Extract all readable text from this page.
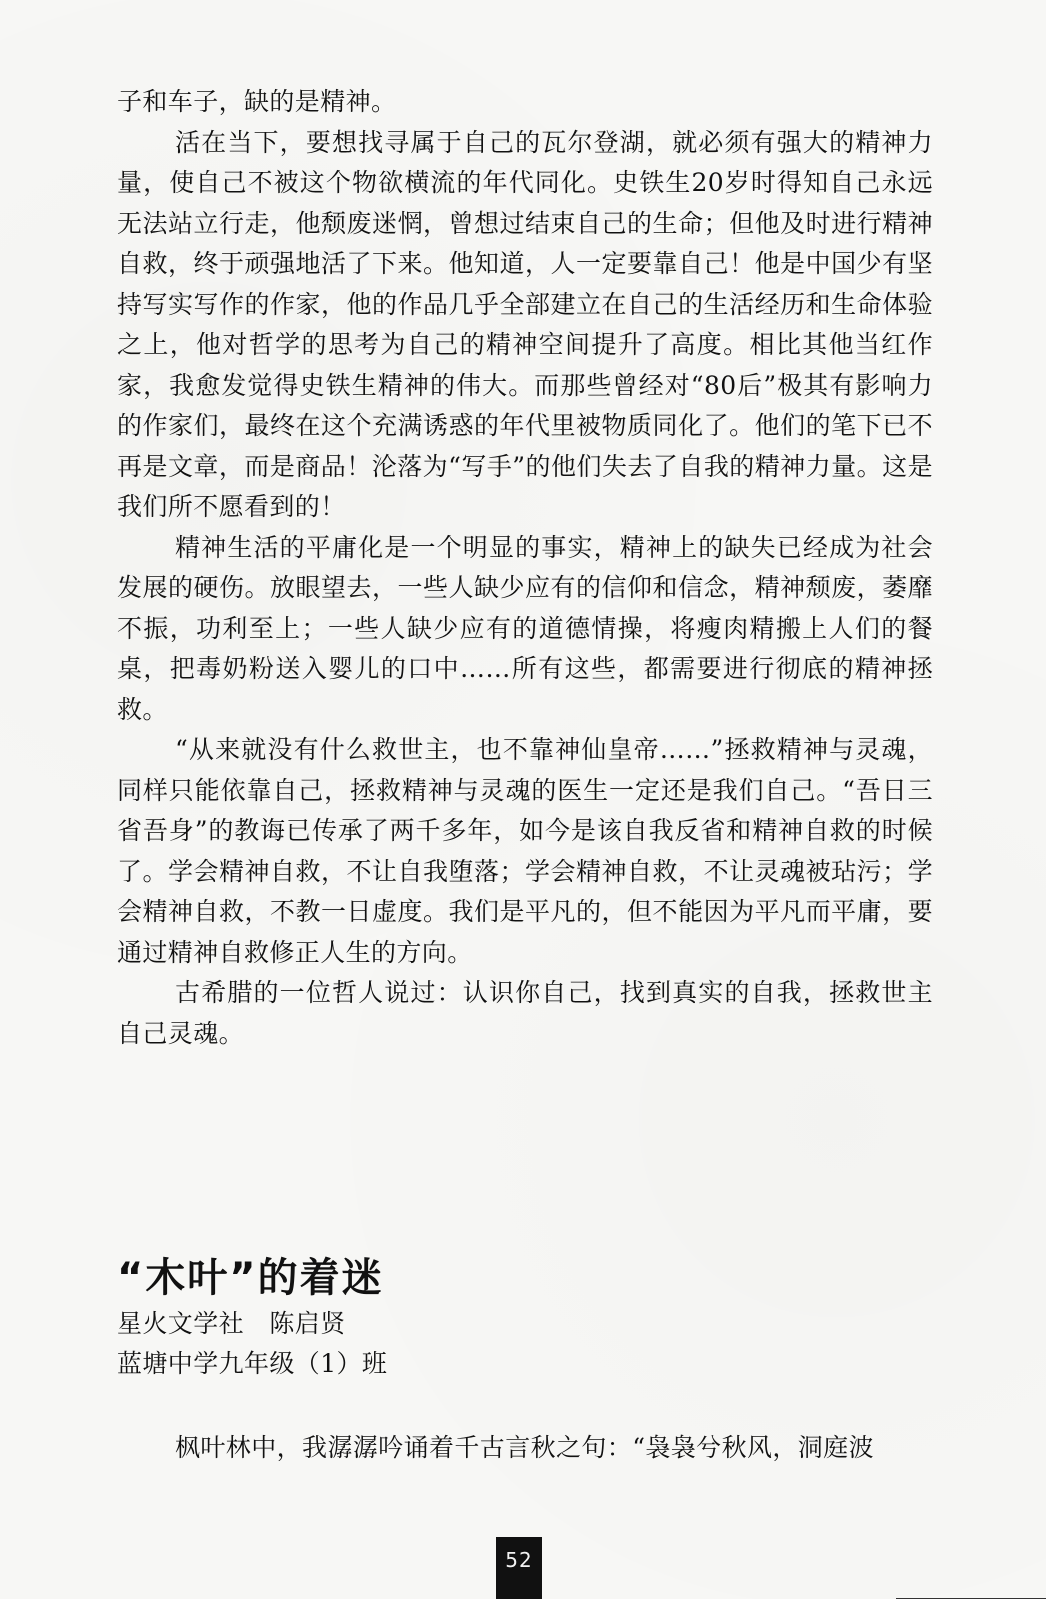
子和车子，缺的是精神。

活在当下，要想找寻属于自己的瓦尔登湖，就必须有强大的精神力量，使自己不被这个物欲横流的年代同化。史铁生20岁时得知自己永远无法站立行走，他颓废迷惘，曾想过结束自己的生命；但他及时进行精神自救，终于顽强地活了下来。他知道，人一定要靠自己！他是中国少有坚持写实写作的作家，他的作品几乎全部建立在自己的生活经历和生命体验之上，他对哲学的思考为自己的精神空间提升了高度。相比其他当红作家，我愈发觉得史铁生精神的伟大。而那些曾经对“80后”极其有影响力的作家们，最终在这个充满诱惑的年代里被物质同化了。他们的笔下已不再是文章，而是商品！沦落为“写手”的他们失去了自我的精神力量。这是我们所不愿看到的！

精神生活的平庸化是一个明显的事实，精神上的缺失已经成为社会发展的硬伤。放眼望去，一些人缺少应有的信仰和信念，精神颓废，萎靡不振，功利至上；一些人缺少应有的道德情操，将瘦肉精搬上人们的餐桌，把毒奶粉送入婴儿的口中……所有这些，都需要进行彻底的精神拯救。

“从来就没有什么救世主，也不靠神仙皇帝……”拯救精神与灵魂，同样只能依靠自己，拯救精神与灵魂的医生一定还是我们自己。“吾日三省吾身”的教诲已传承了两千多年，如今是该自我反省和精神自救的时候了。学会精神自救，不让自我堕落；学会精神自救，不让灵魂被玷污；学会精神自救，不教一日虚度。我们是平凡的，但不能因为平凡而平庸，要通过精神自救修正人生的方向。

古希腊的一位哲人说过：认识你自己，找到真实的自我，拯救世主自己灵魂。

“木叶”的着迷

星火文学社　陈启贤

蓝塘中学九年级（1）班

枫叶林中，我潺潺吟诵着千古言秋之句：“袅袅兮秋风，洞庭波

52
